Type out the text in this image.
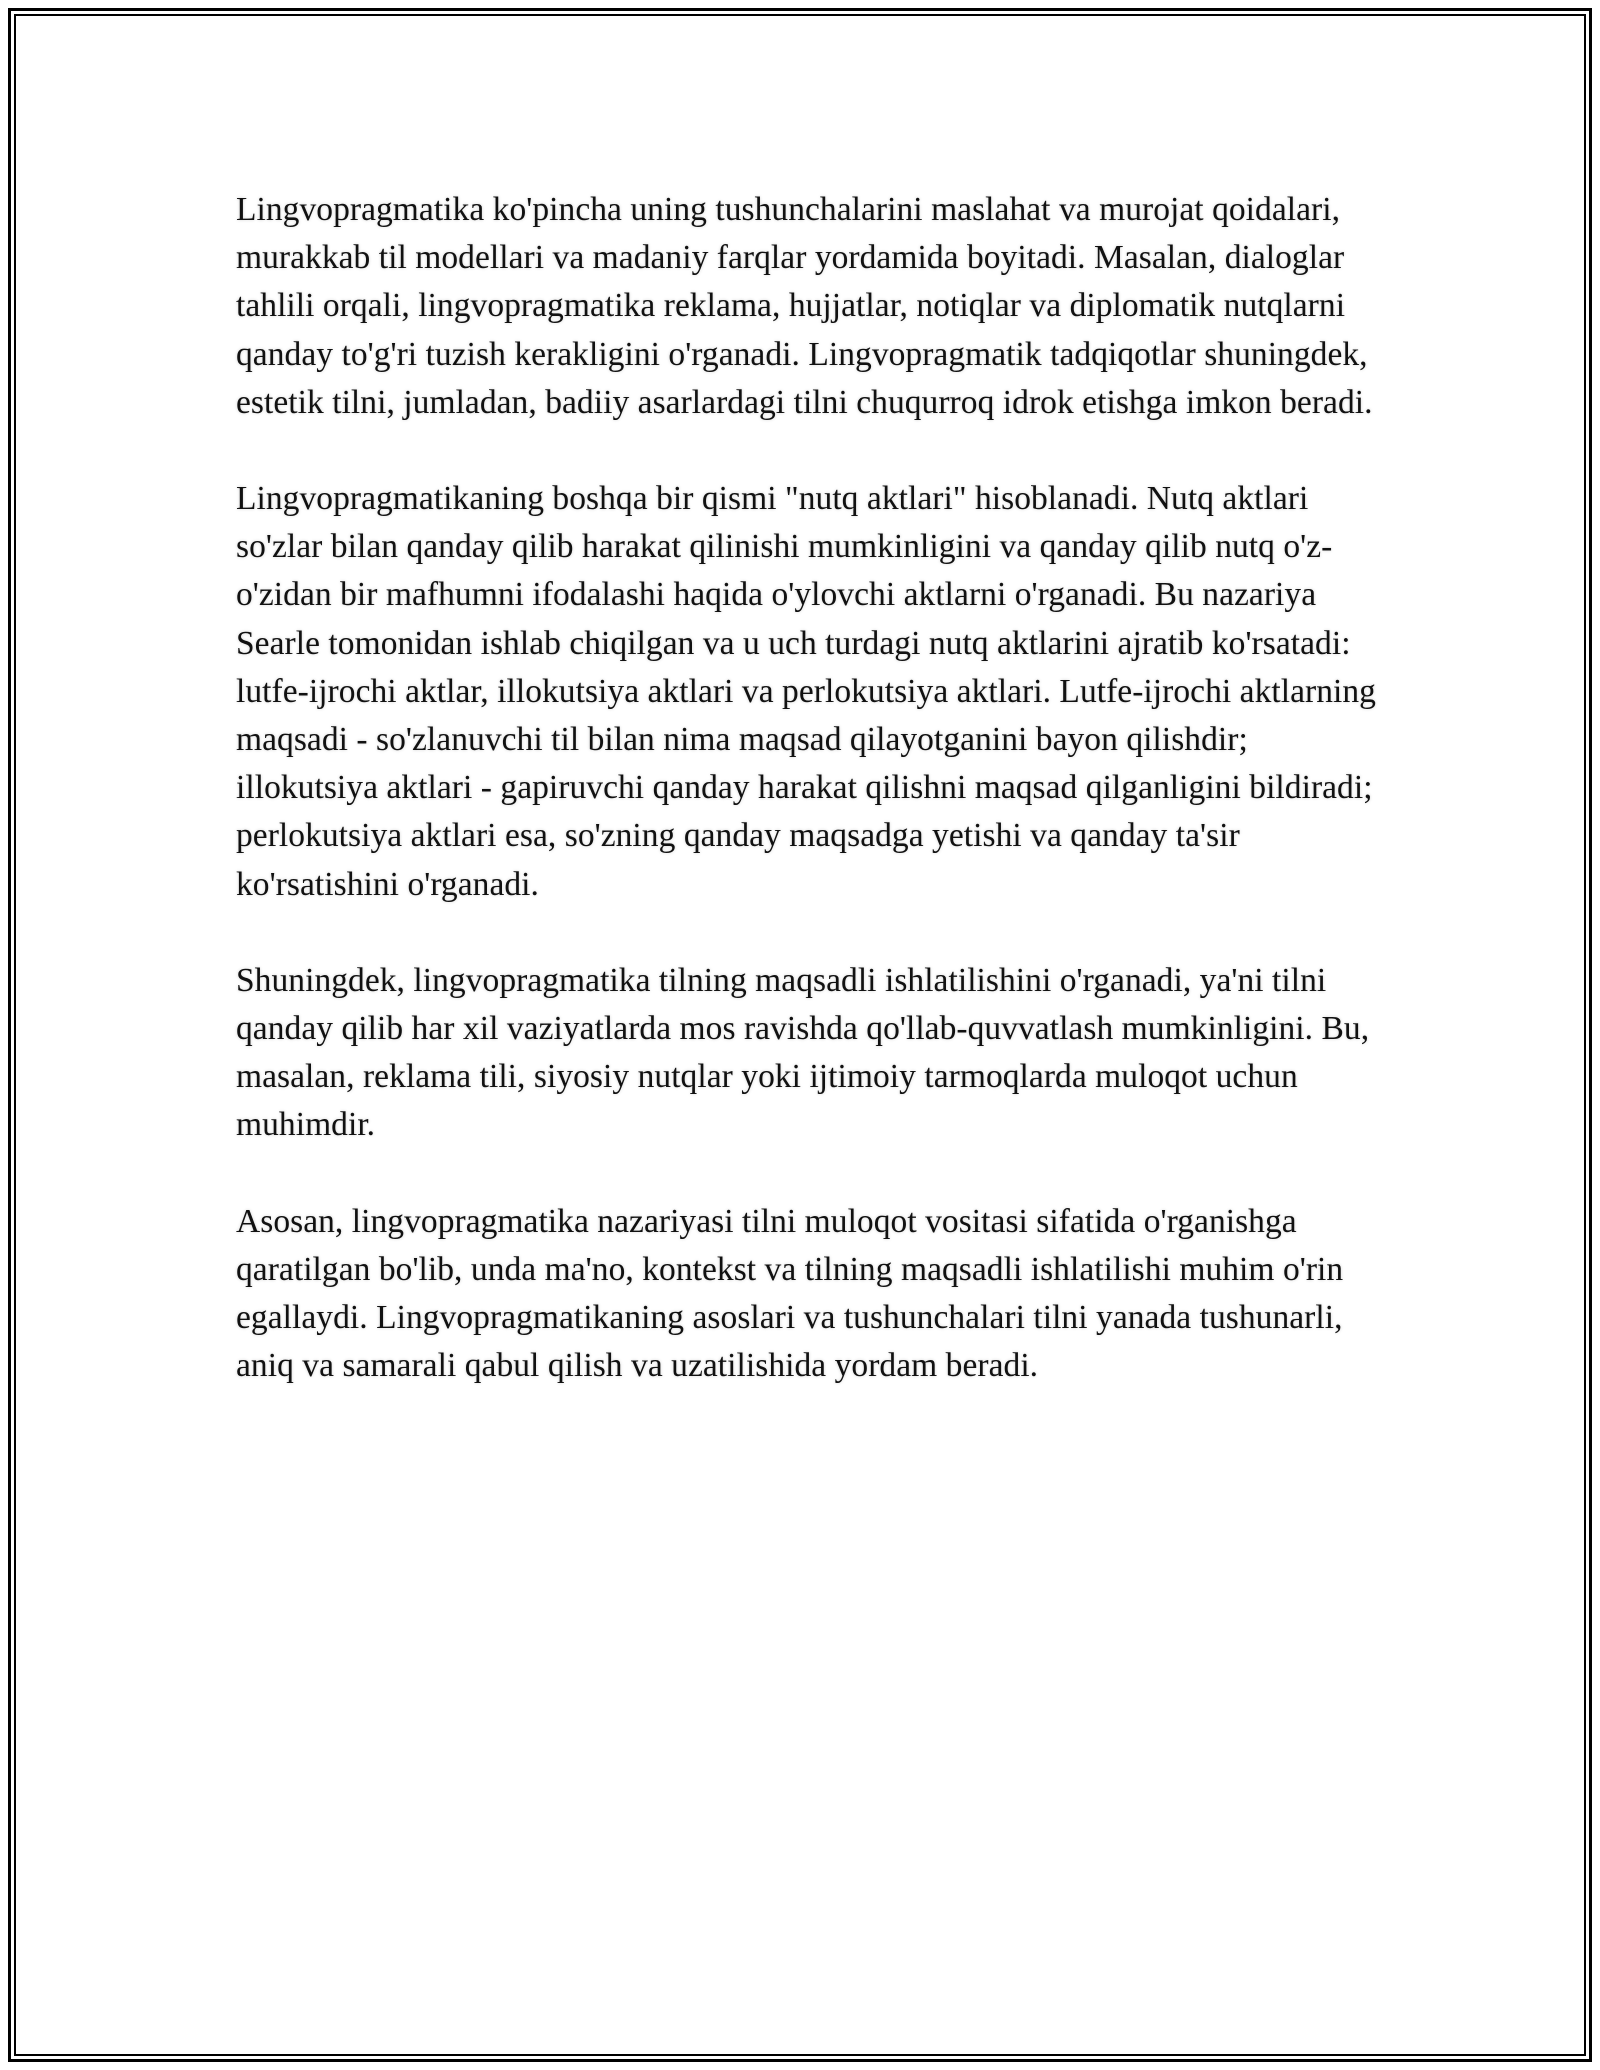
Lingvopragmatika ko'pincha uning tushunchalarini maslahat va murojat qoidalari, murakkab til modellari va madaniy farqlar yordamida boyitadi. Masalan, dialoglar tahlili orqali, lingvopragmatika reklama, hujjatlar, notiqlar va diplomatik nutqlarni qanday to'g'ri tuzish kerakligini o'rganadi. Lingvopragmatik tadqiqotlar shuningdek, estetik tilni, jumladan, badiiy asarlardagi tilni chuqurroq idrok etishga imkon beradi.

Lingvopragmatikaning boshqa bir qismi "nutq aktlari" hisoblanadi. Nutq aktlari so'zlar bilan qanday qilib harakat qilinishi mumkinligini va qanday qilib nutq o'z-o'zidan bir mafhumni ifodalashi haqida o'ylovchi aktlarni o'rganadi. Bu nazariya Searle tomonidan ishlab chiqilgan va u uch turdagi nutq aktlarini ajratib ko'rsatadi: lutfe-ijrochi aktlar, illokutsiya aktlari va perlokutsiya aktlari. Lutfe-ijrochi aktlarning maqsadi - so'zlanuvchi til bilan nima maqsad qilayotganini bayon qilishdir; illokutsiya aktlari - gapiruvchi qanday harakat qilishni maqsad qilganligini bildiradi; perlokutsiya aktlari esa, so'zning qanday maqsadga yetishi va qanday ta'sir ko'rsatishini o'rganadi.

Shuningdek, lingvopragmatika tilning maqsadli ishlatilishini o'rganadi, ya'ni tilni qanday qilib har xil vaziyatlarda mos ravishda qo'llab-quvvatlash mumkinligini. Bu, masalan, reklama tili, siyosiy nutqlar yoki ijtimoiy tarmoqlarda muloqot uchun muhimdir.

Asosan, lingvopragmatika nazariyasi tilni muloqot vositasi sifatida o'rganishga qaratilgan bo'lib, unda ma'no, kontekst va tilning maqsadli ishlatilishi muhim o'rin egallaydi. Lingvopragmatikaning asoslari va tushunchalari tilni yanada tushunarli, aniq va samarali qabul qilish va uzatilishida yordam beradi.
